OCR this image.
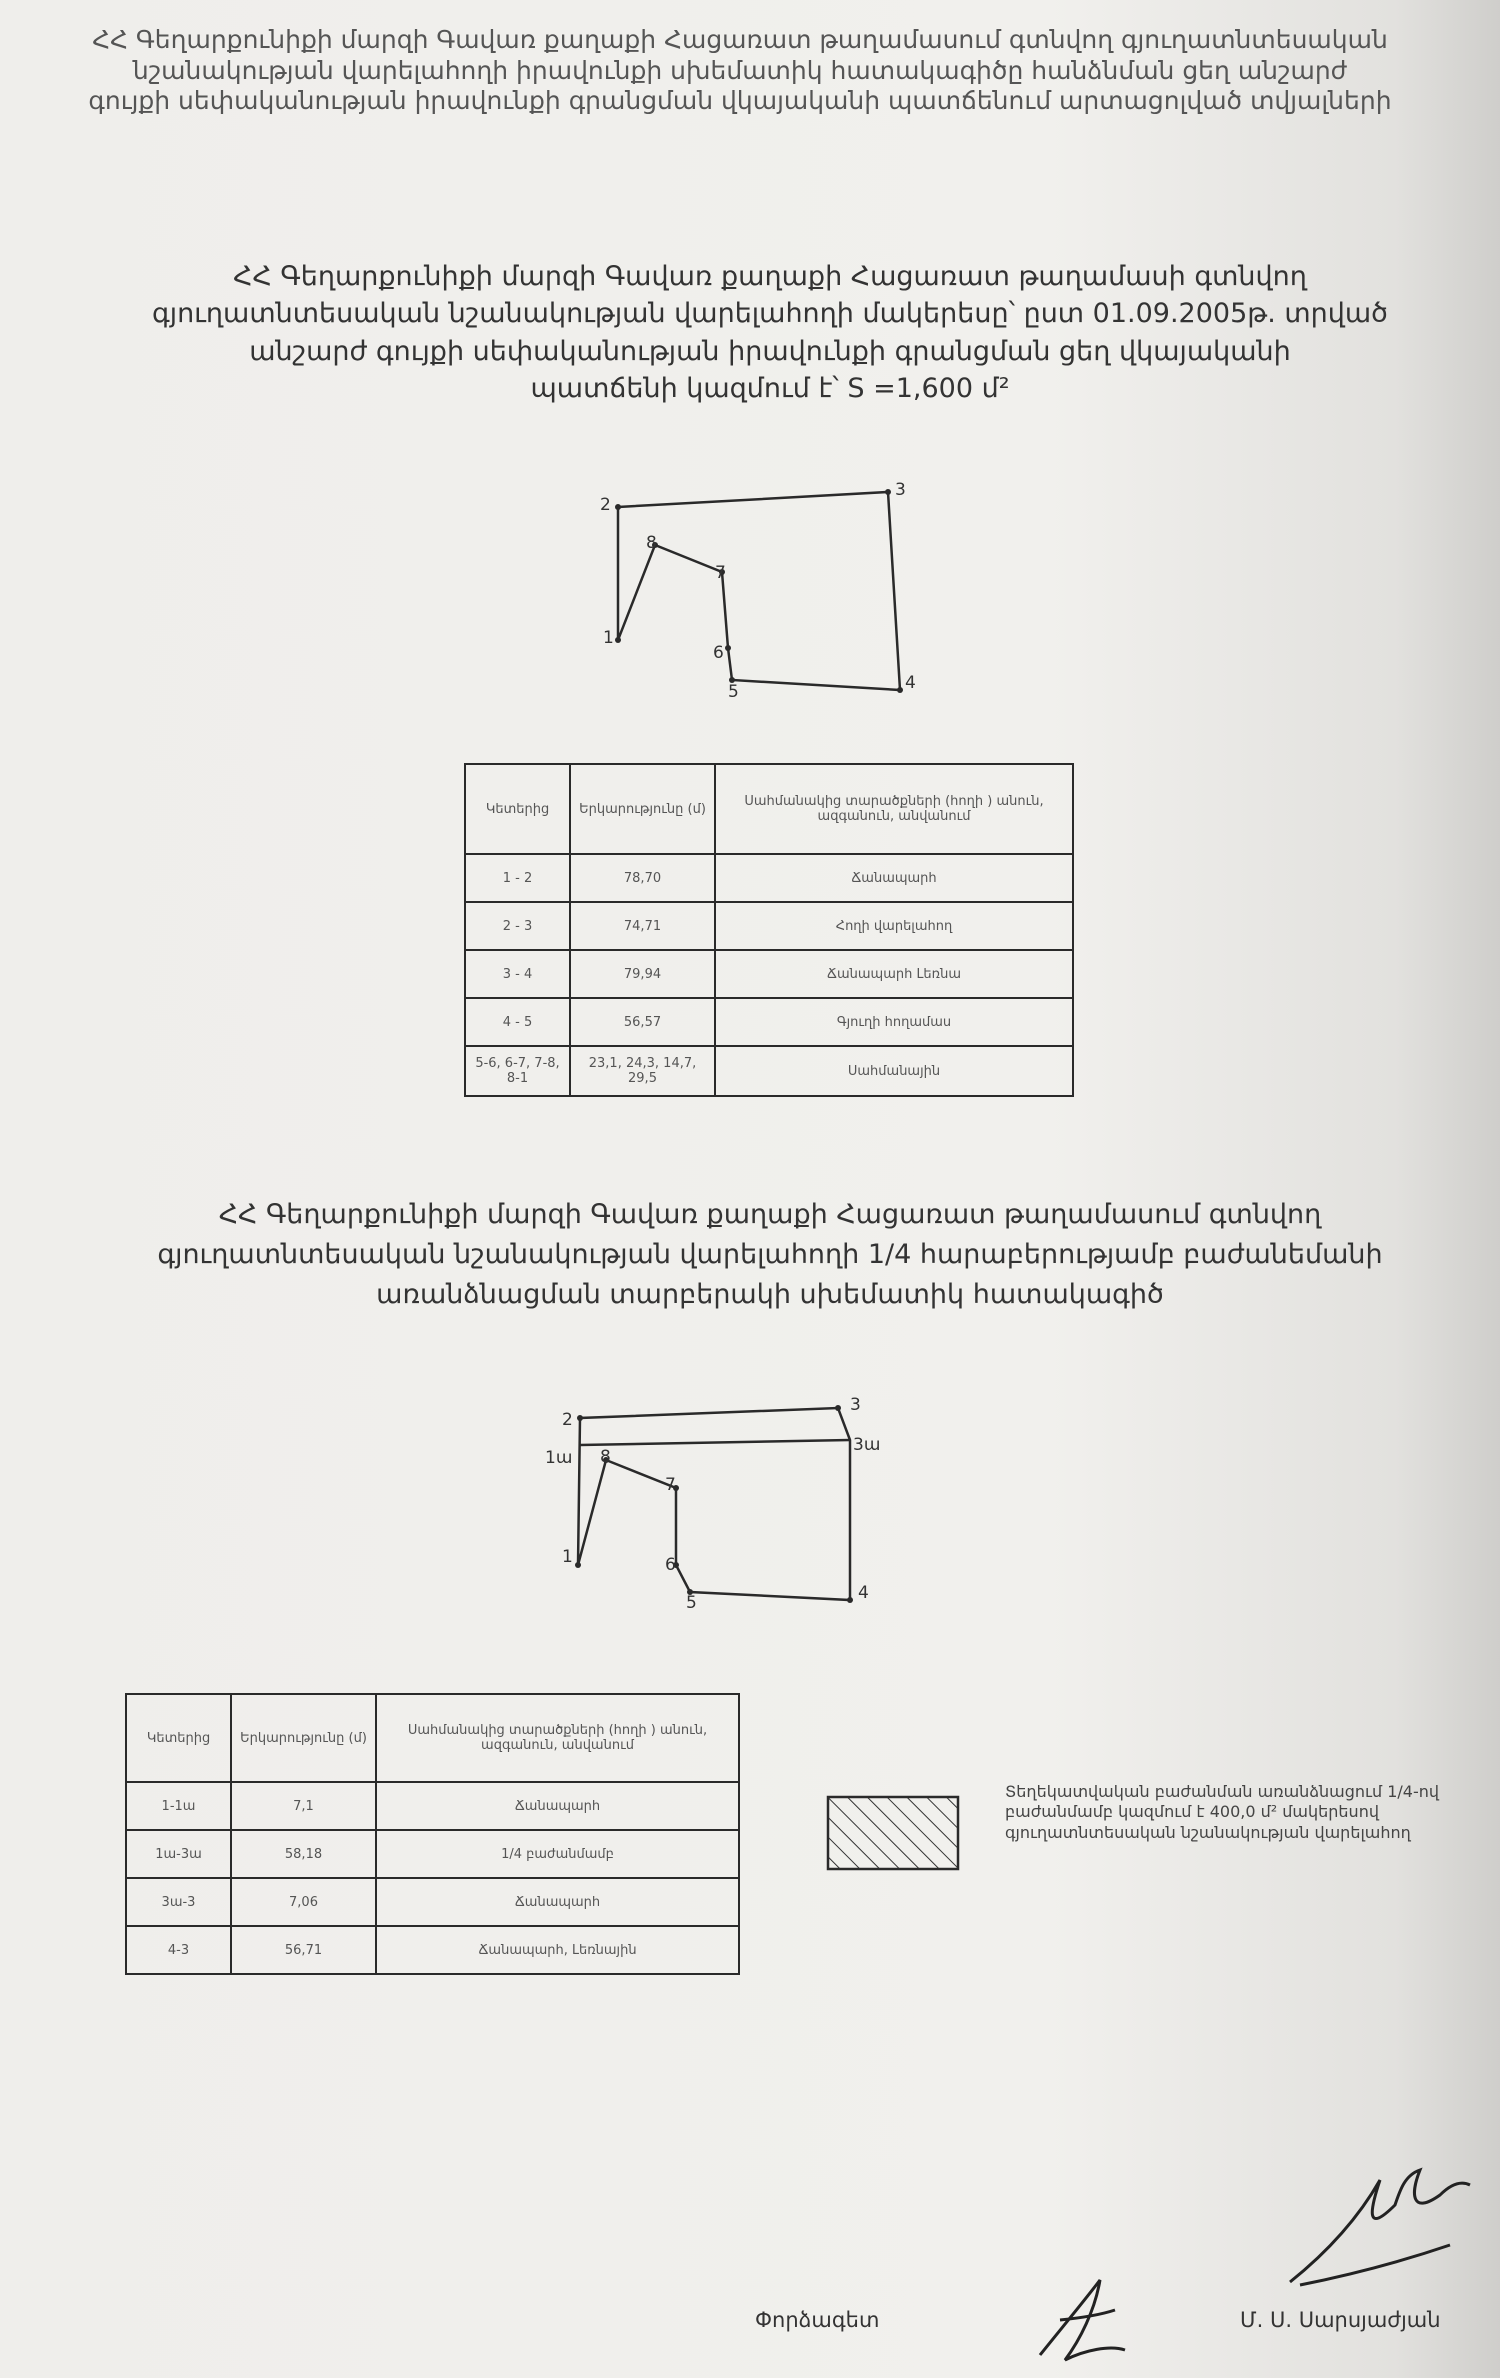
ՀՀ Գեղարքունիքի մարզի Գավառ քաղաքի Հացառատ թաղամասում գտնվող գյուղատնտեսական
նշանակության վարելահողի իրավունքի սխեմատիկ հատակագիծը հանձնման ցեղ անշարժ
գույքի սեփականության իրավունքի գրանցման վկայականի պատճենում արտացոլված տվյալների
ՀՀ Գեղարքունիքի մարզի Գավառ քաղաքի Հացառատ թաղամասի գտնվող
գյուղատնտեսական նշանակության վարելահողի մակերեսը՝ ըստ 01.09.2005թ. տրված
անշարժ գույքի սեփականության իրավունքի գրանցման ցեղ վկայականի
պատճենի կազմում է՝ S =1,600 մ²
1
2
3
4
5
6
7
8
1
1ա
2
3
3ա
4
5
6
7
8
Կետերից	Երկարությունը (մ)	Սահմանակից տարածքների (հողի ) անուն, ազգանուն, անվանում
1 - 2	78,70	Ճանապարհ
2 - 3	74,71	Հողի վարելահող
3 - 4	79,94	Ճանապարհ Լեռնա
4 - 5	56,57	Գյուղի հողամաս
5-6, 6-7, 7-8, 8-1	23,1, 24,3, 14,7, 29,5	Սահմանային
ՀՀ Գեղարքունիքի մարզի Գավառ քաղաքի Հացառատ թաղամասում գտնվող
գյուղատնտեսական նշանակության վարելահողի 1/4 հարաբերությամբ բաժանեմանի
առանձնացման տարբերակի սխեմատիկ հատակագիծ
Կետերից	Երկարությունը (մ)	Սահմանակից տարածքների (հողի ) անուն, ազգանուն, անվանում
1-1ա	7,1	Ճանապարհ
1ա-3ա	58,18	1/4 բաժանմամբ
3ա-3	7,06	Ճանապարհ
4-3	56,71	Ճանապարհ, Լեռնային
Տեղեկատվական բաժանման առանձնացում 1/4-ով բաժանմամբ կազմում է 400,0 մ² մակերեսով գյուղատնտեսական նշանակության վարելահող
Փորձագետ	Մ. Ս. Սարսյաժյան
